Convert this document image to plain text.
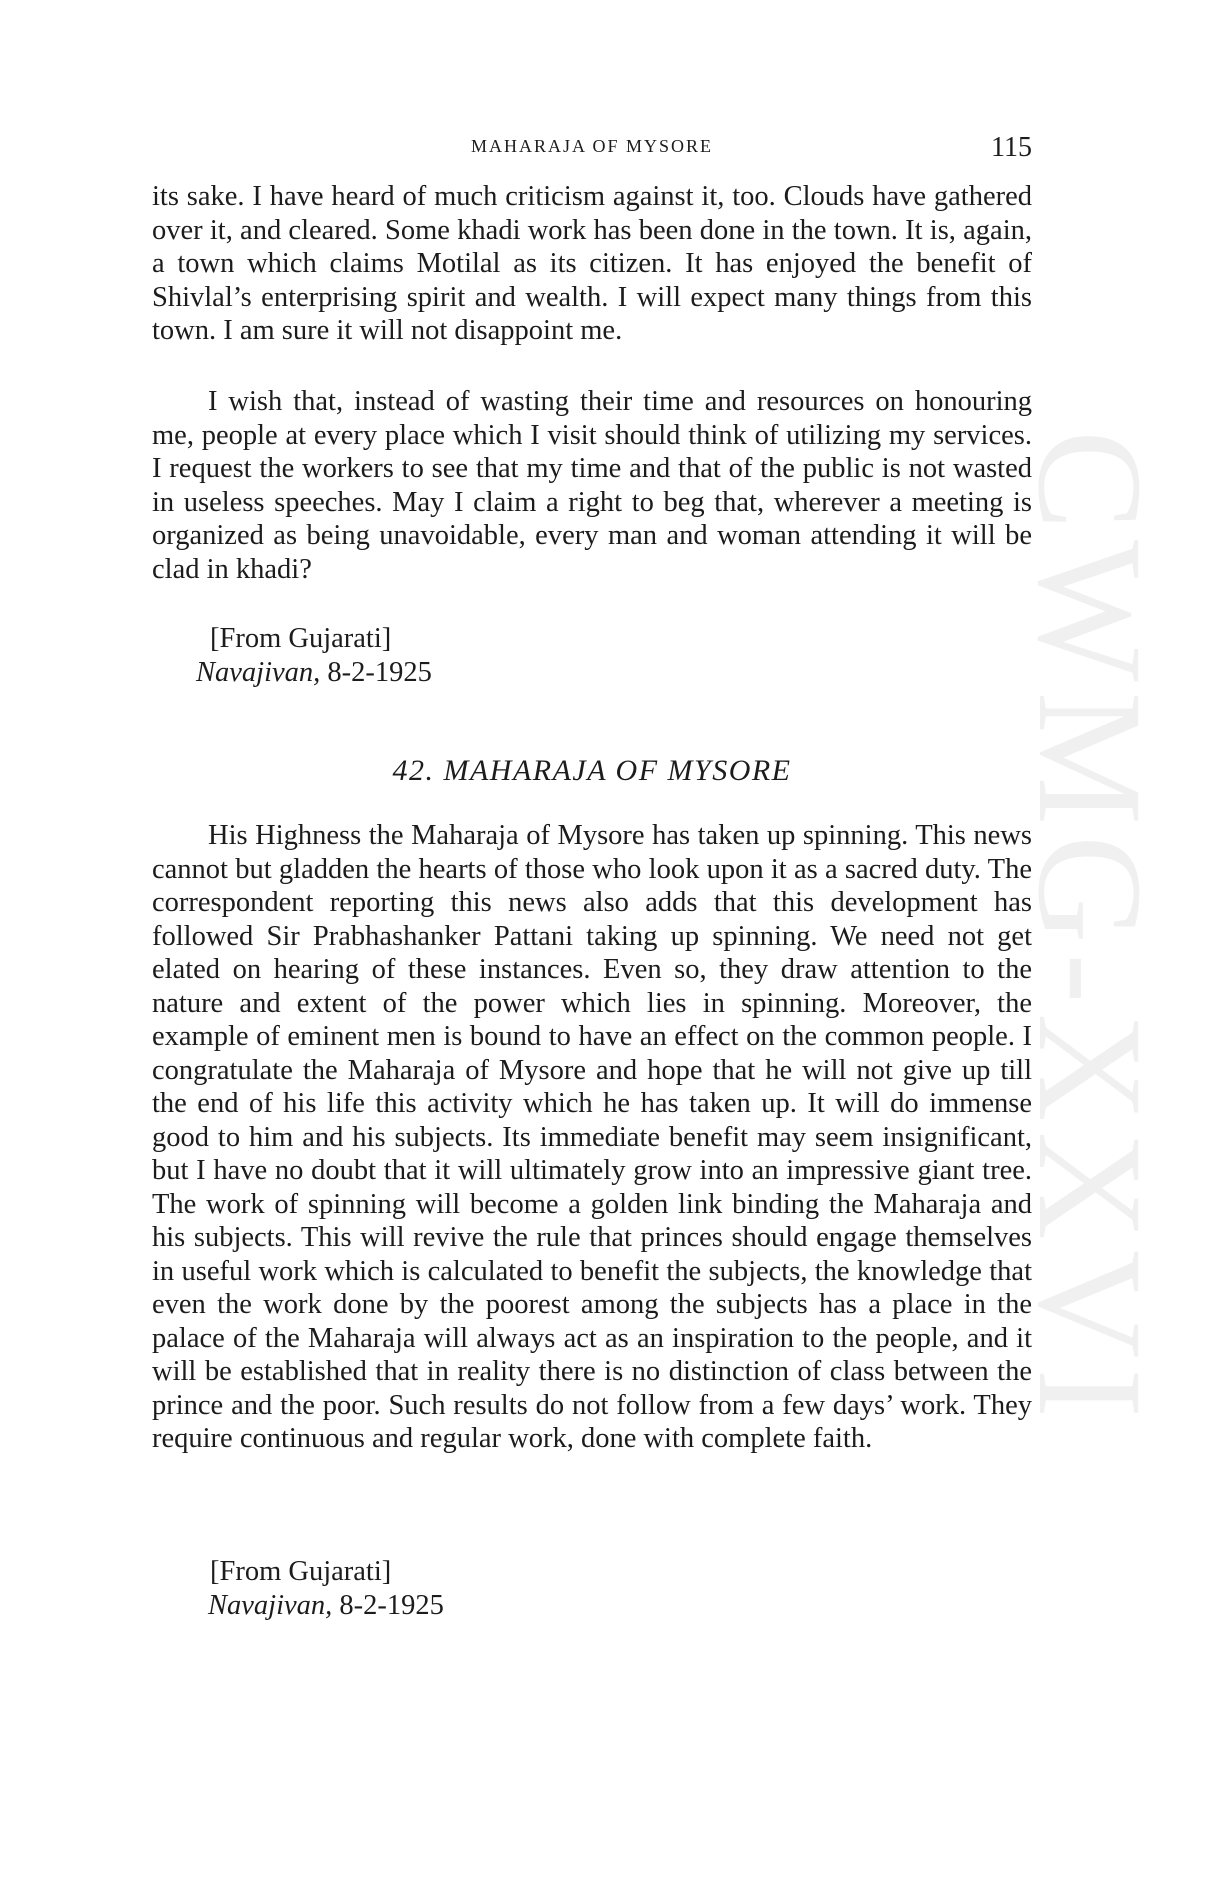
CWMG-XXVI
MAHARAJA OF MYSORE	115

its sake. I have heard of much criticism against it, too. Clouds have gathered over it, and cleared. Some khadi work has been done in the town. It is, again, a town which claims Motilal as its citizen. It has enjoyed the benefit of Shivlal’s enterprising spirit and wealth. I will expect many things from this town. I am sure it will not disappoint me.

I wish that, instead of wasting their time and resources on honouring me, people at every place which I visit should think of utilizing my services. I request the workers to see that my time and that of the public is not wasted in useless speeches. May I claim a right to beg that, wherever a meeting is organized as being unavoidable, every man and woman attending it will be clad in khadi?

[From Gujarati]
Navajivan, 8-2-1925
42. MAHARAJA OF MYSORE

His Highness the Maharaja of Mysore has taken up spinning. This news cannot but gladden the hearts of those who look upon it as a sacred duty. The correspondent reporting this news also adds that this development has followed Sir Prabhashanker Pattani taking up spinning. We need not get elated on hearing of these instances. Even so, they draw attention to the nature and extent of the power which lies in spinning. Moreover, the example of eminent men is bound to have an effect on the common people. I congratulate the Maharaja of Mysore and hope that he will not give up till the end of his life this activity which he has taken up. It will do immense good to him and his subjects. Its immediate benefit may seem insignificant, but I have no doubt that it will ultimately grow into an impressive giant tree. The work of spinning will become a golden link binding the Maharaja and his subjects. This will revive the rule that princes should engage themselves in useful work which is calculated to benefit the subjects, the knowledge that even the work done by the poorest among the subjects has a place in the palace of the Maharaja will always act as an inspiration to the people, and it will be established that in reality there is no distinction of class between the prince and the poor. Such results do not follow from a few days’ work. They require continuous and regular work, done with complete faith.

[From Gujarati]
Navajivan, 8-2-1925
